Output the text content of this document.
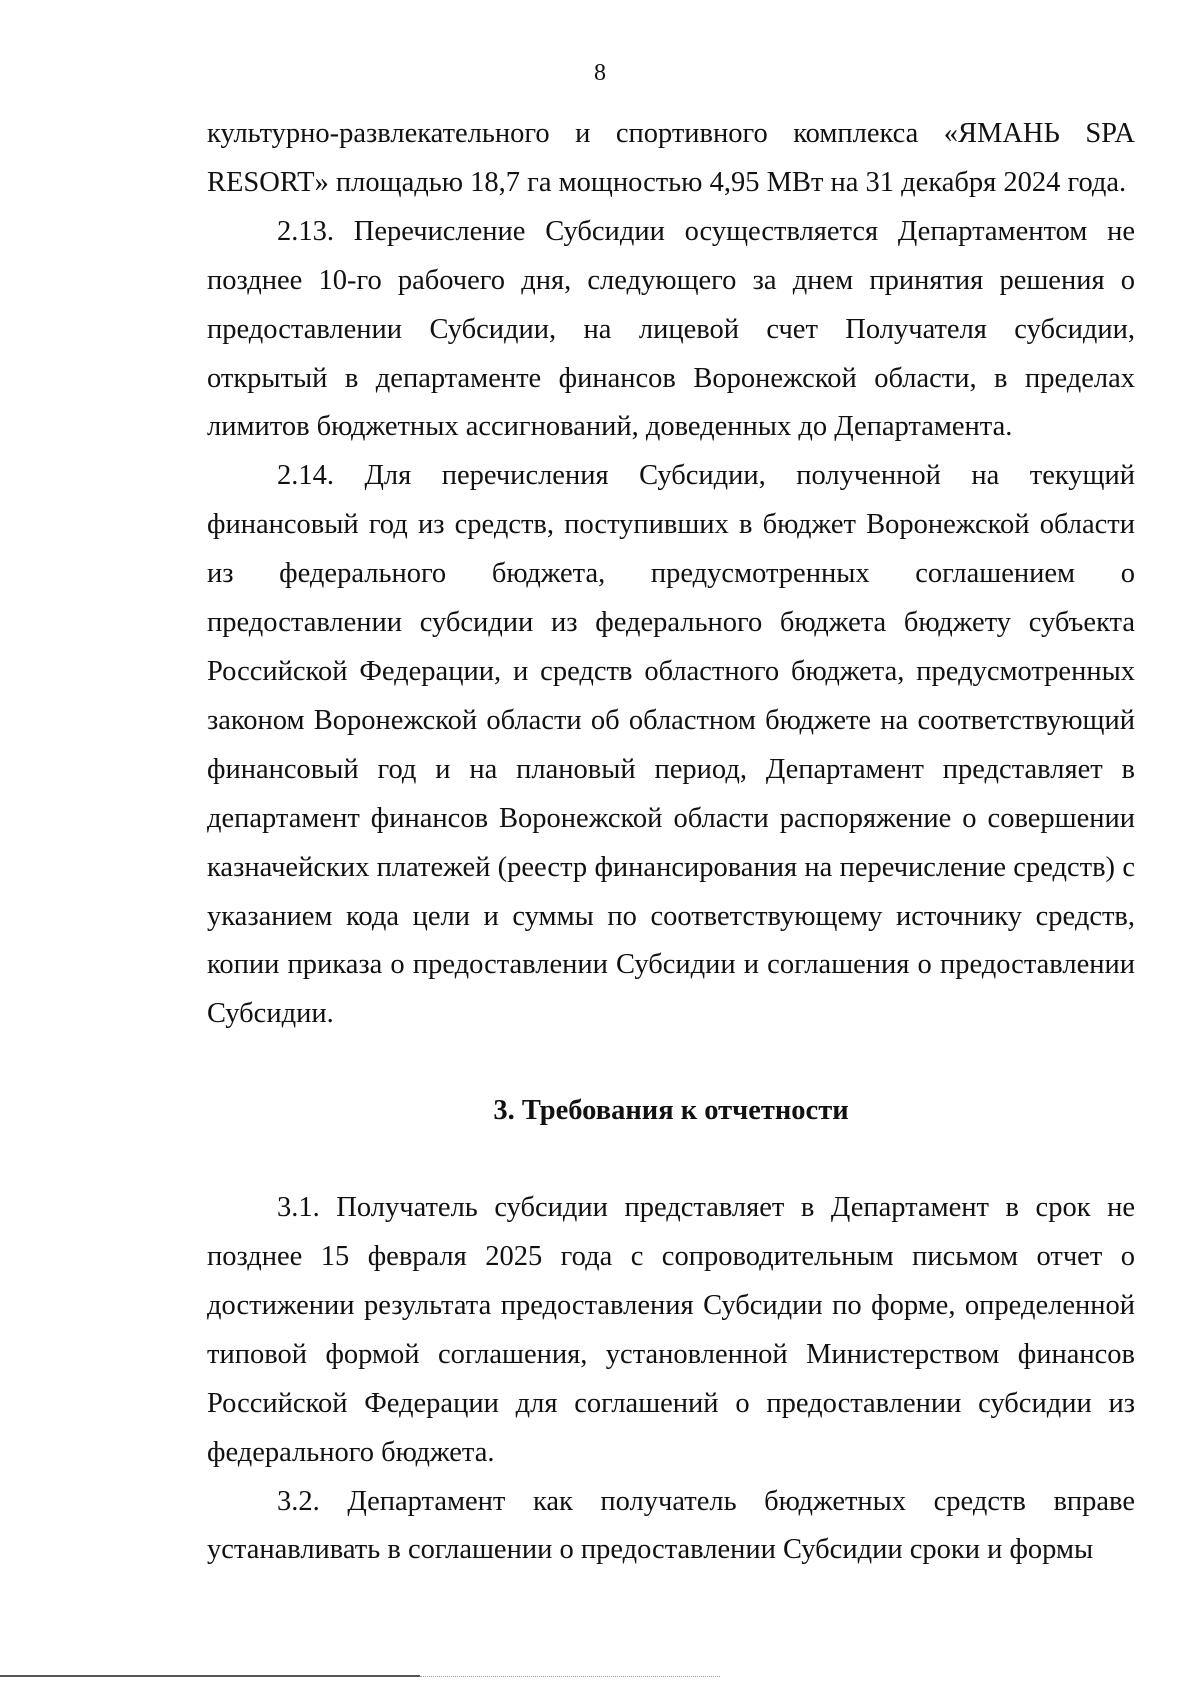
8

культурно-развлекательного и спортивного комплекса «ЯМАНЬ SPA RESORT» площадью 18,7 га мощностью 4,95 МВт на 31 декабря 2024 года.

2.13. Перечисление Субсидии осуществляется Департаментом не позднее 10-го рабочего дня, следующего за днем принятия решения о предоставлении Субсидии, на лицевой счет Получателя субсидии, открытый в департаменте финансов Воронежской области, в пределах лимитов бюджетных ассигнований, доведенных до Департамента.

2.14. Для перечисления Субсидии, полученной на текущий финансовый год из средств, поступивших в бюджет Воронежской области из федерального бюджета, предусмотренных соглашением о предоставлении субсидии из федерального бюджета бюджету субъекта Российской Федерации, и средств областного бюджета, предусмотренных законом Воронежской области об областном бюджете на соответствующий финансовый год и на плановый период, Департамент представляет в департамент финансов Воронежской области распоряжение о совершении казначейских платежей (реестр финансирования на перечисление средств) с указанием кода цели и суммы по соответствующему источнику средств, копии приказа о предоставлении Субсидии и соглашения о предоставлении Субсидии.

3. Требования к отчетности

3.1. Получатель субсидии представляет в Департамент в срок не позднее 15 февраля 2025 года с сопроводительным письмом отчет о достижении результата предоставления Субсидии по форме, определенной типовой формой соглашения, установленной Министерством финансов Российской Федерации для соглашений о предоставлении субсидии из федерального бюджета.

3.2. Департамент как получатель бюджетных средств вправе устанавливать в соглашении о предоставлении Субсидии сроки и формы
